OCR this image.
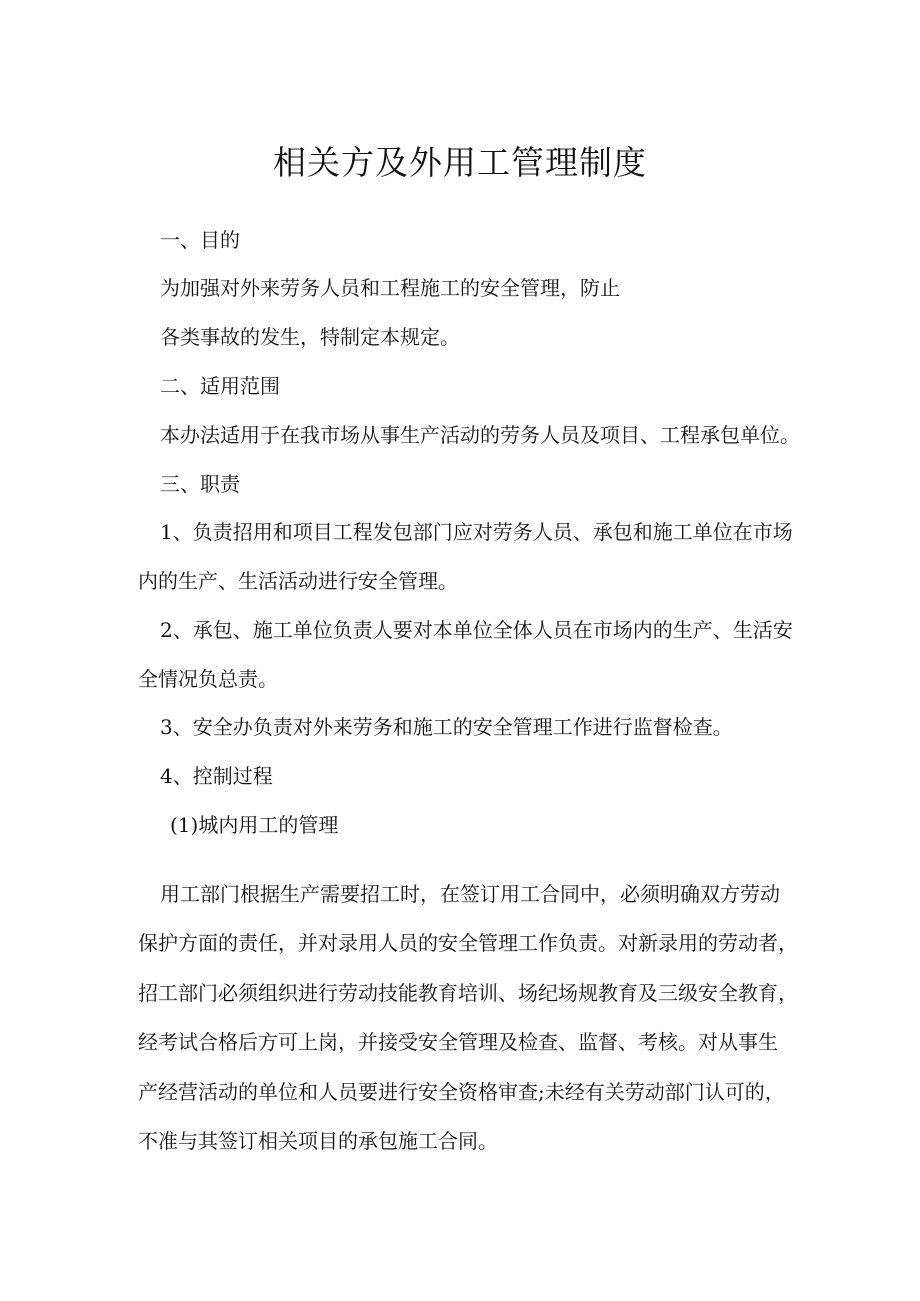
相关方及外用工管理制度
一、目的
为加强对外来劳务人员和工程施工的安全管理，防止
各类事故的发生，特制定本规定。
二、适用范围
本办法适用于在我市场从事生产活动的劳务人员及项目、工程承包单位。
三、职责
1、负责招用和项目工程发包部门应对劳务人员、承包和施工单位在市场
内的生产、生活活动进行安全管理。
2、承包、施工单位负责人要对本单位全体人员在市场内的生产、生活安
全情况负总责。
3、安全办负责对外来劳务和施工的安全管理工作进行监督检查。
4、控制过程
(1)城内用工的管理
用工部门根据生产需要招工时，在签订用工合同中，必须明确双方劳动
保护方面的责任，并对录用人员的安全管理工作负责。对新录用的劳动者，
招工部门必须组织进行劳动技能教育培训、场纪场规教育及三级安全教育，
经考试合格后方可上岗，并接受安全管理及检查、监督、考核。对从事生
产经营活动的单位和人员要进行安全资格审查;未经有关劳动部门认可的，
不准与其签订相关项目的承包施工合同。
